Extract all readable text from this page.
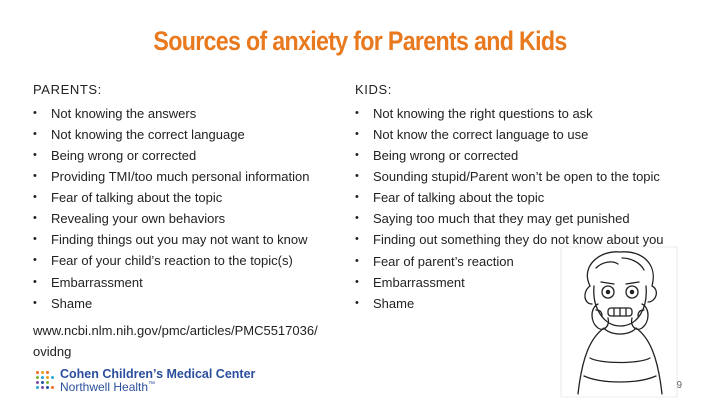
Sources of anxiety for Parents and Kids
PARENTS:	KIDS:
• Not knowing the answers
• Not knowing the correct language
• Being wrong or corrected
• Providing TMI/too much personal information
• Fear of talking about the topic
• Revealing your own behaviors
• Finding things out you may not want to know
• Fear of your child’s reaction to the topic(s)
• Embarrassment
• Shame
www.ncbi.nlm.nih.gov/pmc/articles/PMC5517036/ ovidng
• Not knowing the right questions to ask
• Not know the correct language to use
• Being wrong or corrected
• Sounding stupid/Parent won’t be open to the topic
• Fear of talking about the topic
• Saying too much that they may get punished
• Finding out something they do not know about you
• Fear of parent’s reaction
• Embarrassment
• Shame
Cohen Children’s Medical Center
Northwell Health™	9
